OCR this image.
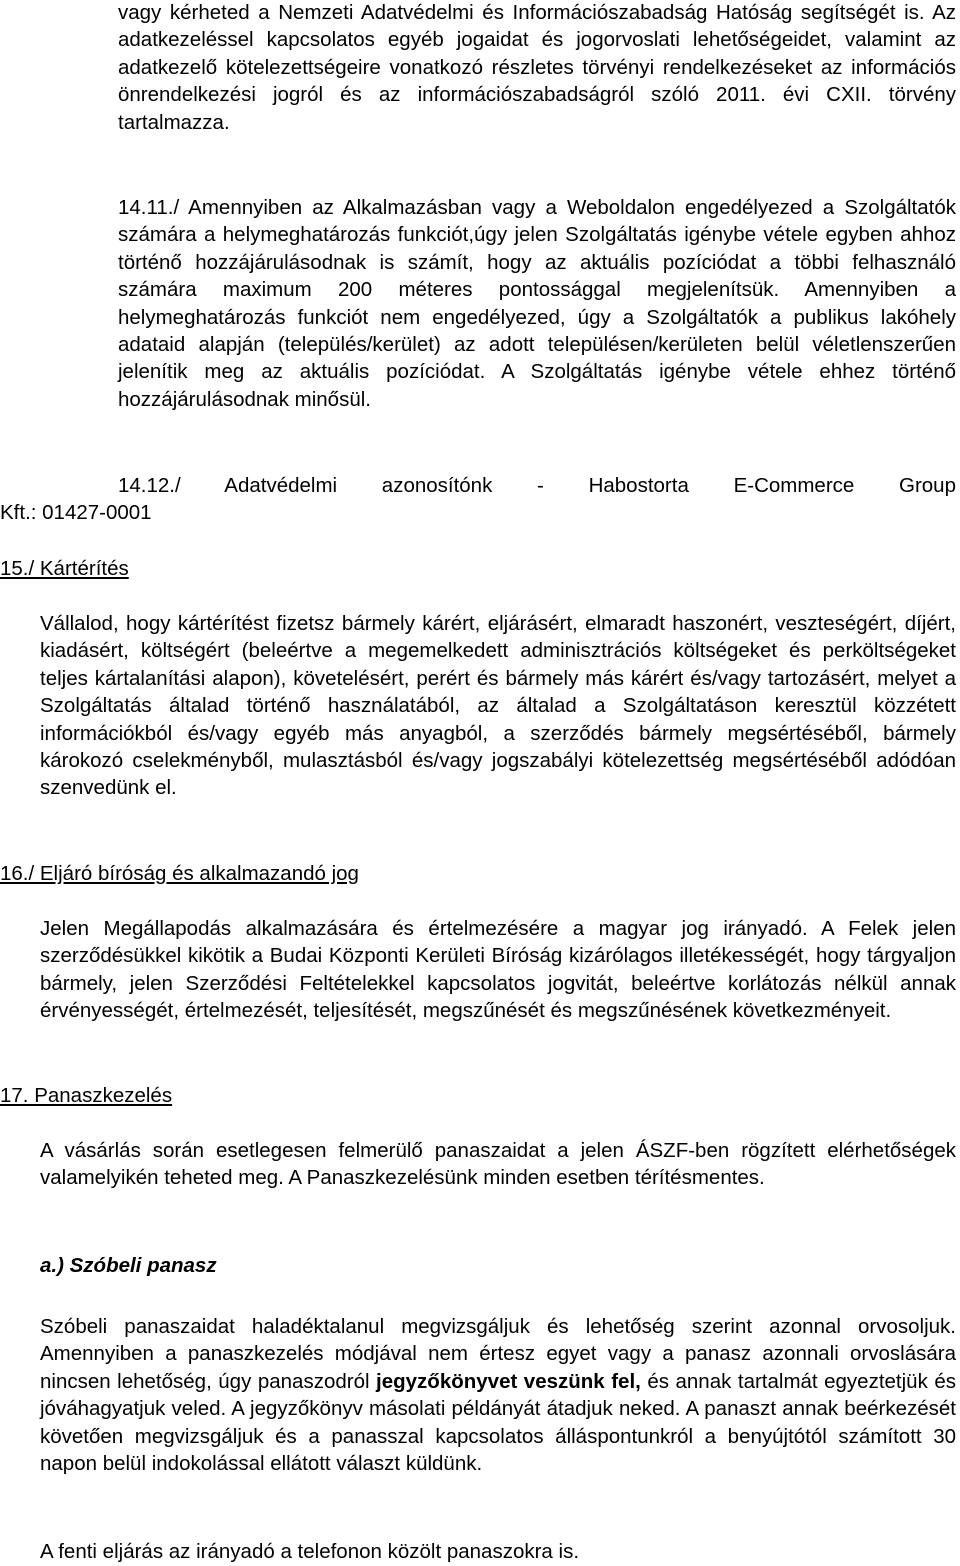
vagy kérheted a Nemzeti Adatvédelmi és Információszabadság Hatóság segítségét is. Az adatkezeléssel kapcsolatos egyéb jogaidat és jogorvoslati lehetőségeidet, valamint az adatkezelő kötelezettségeire vonatkozó részletes törvényi rendelkezéseket az információs önrendelkezési jogról és az információszabadságról szóló 2011. évi CXII. törvény tartalmazza.

14.11./ Amennyiben az Alkalmazásban vagy a Weboldalon engedélyezed a Szolgáltatók számára a helymeghatározás funkciót,úgy jelen Szolgáltatás igénybe vétele egyben ahhoz történő hozzájárulásodnak is számít, hogy az aktuális pozíciódat a többi felhasználó számára maximum 200 méteres pontossággal megjelenítsük. Amennyiben a helymeghatározás funkciót nem engedélyezed, úgy a Szolgáltatók a publikus lakóhely adataid alapján (település/kerület) az adott településen/kerületen belül véletlenszerűen jelenítik meg az aktuális pozíciódat. A Szolgáltatás igénybe vétele ehhez történő hozzájárulásodnak minősül.

14.12./ Adatvédelmi azonosítónk - Habostorta E-Commerce Group

Kft.: 01427-0001

15./ Kártérítés

Vállalod, hogy kártérítést fizetsz bármely kárért, eljárásért, elmaradt haszonért, veszteségért, díjért, kiadásért, költségért (beleértve a megemelkedett adminisztrációs költségeket és perköltségeket teljes kártalanítási alapon), követelésért, perért és bármely más kárért és/vagy tartozásért, melyet a Szolgáltatás általad történő használatából, az általad a Szolgáltatáson keresztül közzétett információkból és/vagy egyéb más anyagból, a szerződés bármely megsértéséből, bármely károkozó cselekményből, mulasztásból és/vagy jogszabályi kötelezettség megsértéséből adódóan szenvedünk el.

16./ Eljáró bíróság és alkalmazandó jog

Jelen Megállapodás alkalmazására és értelmezésére a magyar jog irányadó. A Felek jelen szerződésükkel kikötik a Budai Központi Kerületi Bíróság kizárólagos illetékességét, hogy tárgyaljon bármely, jelen Szerződési Feltételekkel kapcsolatos jogvitát, beleértve korlátozás nélkül annak érvényességét, értelmezését, teljesítését, megszűnését és megszűnésének következményeit.

17. Panaszkezelés

A vásárlás során esetlegesen felmerülő panaszaidat a jelen ÁSZF-ben rögzített elérhetőségek valamelyikén teheted meg. A Panaszkezelésünk minden esetben térítésmentes.

a.) Szóbeli panasz

Szóbeli panaszaidat haladéktalanul megvizsgáljuk és lehetőség szerint azonnal orvosoljuk. Amennyiben a panaszkezelés módjával nem értesz egyet vagy a panasz azonnali orvoslására nincsen lehetőség, úgy panaszodról jegyzőkönyvet veszünk fel, és annak tartalmát egyeztetjük és jóváhagyatjuk veled. A jegyzőkönyv másolati példányát átadjuk neked. A panaszt annak beérkezését követően megvizsgáljuk és a panasszal kapcsolatos álláspontunkról a benyújtótól számított 30 napon belül indokolással ellátott választ küldünk.

A fenti eljárás az irányadó a telefonon közölt panaszokra is.
